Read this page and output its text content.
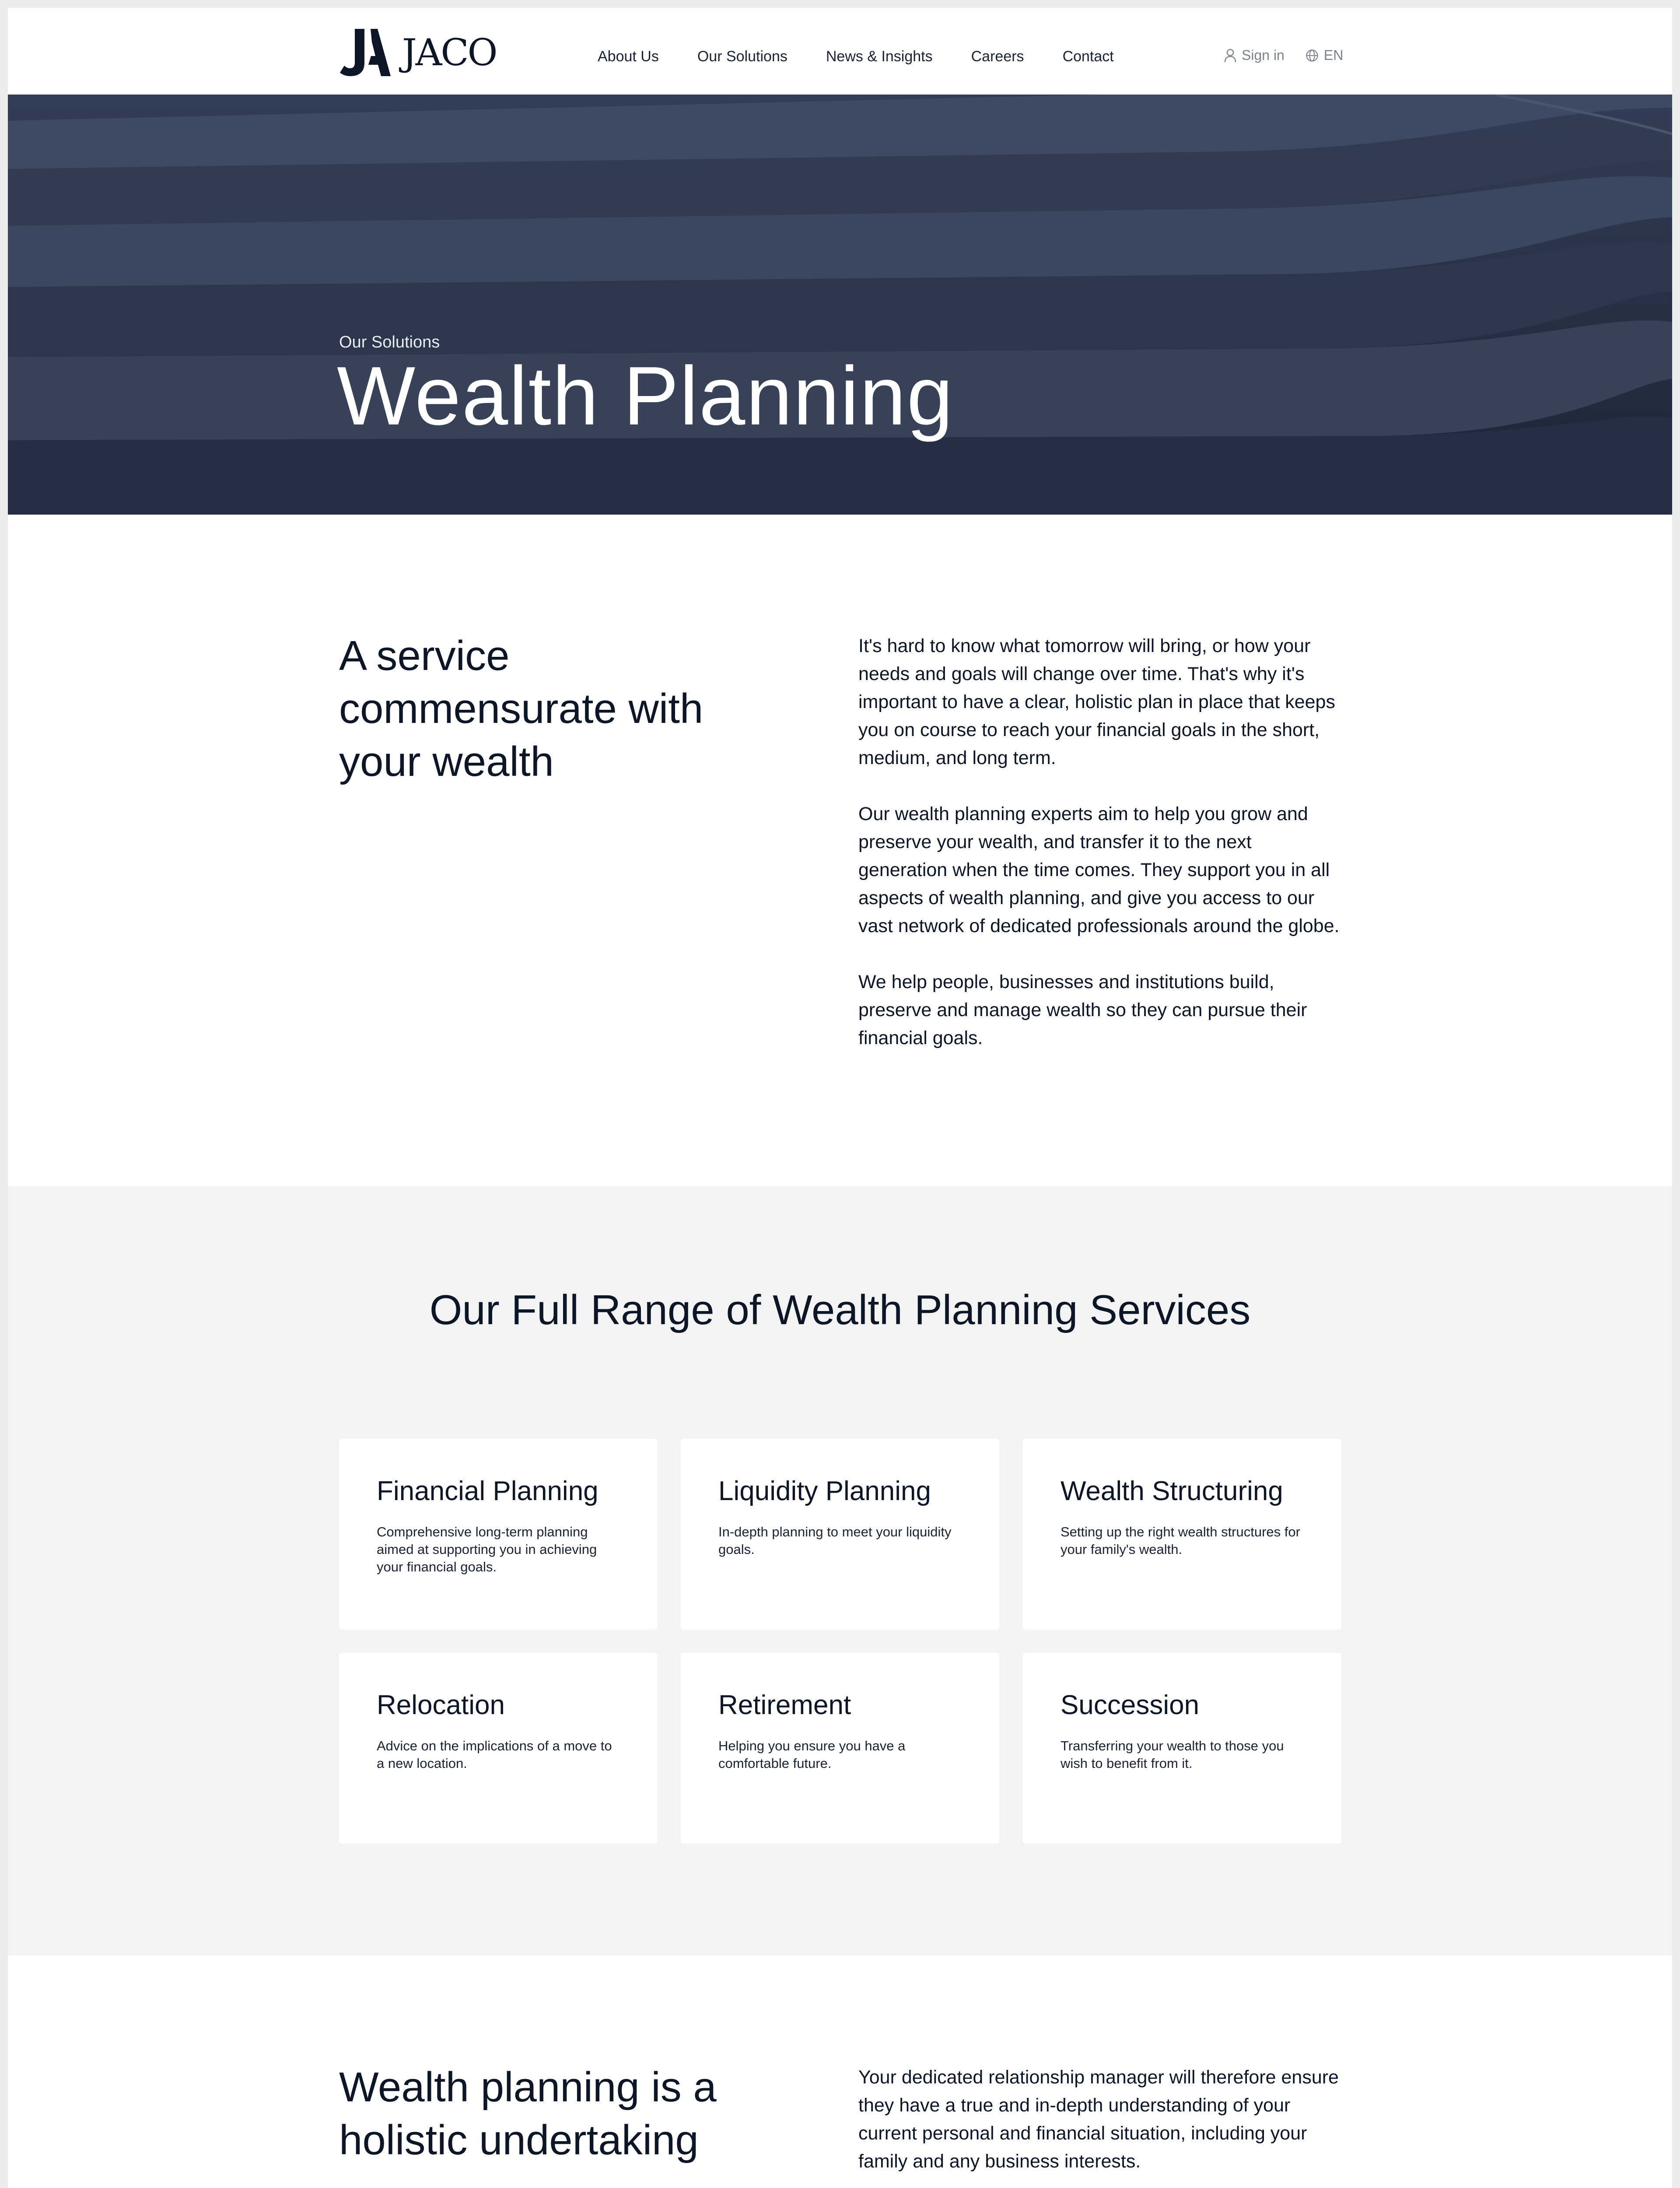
JACO	About Us	Our Solutions	News & Insights	Careers	Contact	Sign in	EN
Our Solutions
Wealth Planning
A service commensurate with your wealth

It's hard to know what tomorrow will bring, or how your needs and goals will change over time. That's why it's important to have a clear, holistic plan in place that keeps you on course to reach your financial goals in the short, medium, and long term.

Our wealth planning experts aim to help you grow and preserve your wealth, and transfer it to the next generation when the time comes. They support you in all aspects of wealth planning, and give you access to our vast network of dedicated professionals around the globe.

We help people, businesses and institutions build, preserve and manage wealth so they can pursue their financial goals.

Our Full Range of Wealth Planning Services
Financial Planning

Comprehensive long-term planning aimed at supporting you in achieving your financial goals.

Liquidity Planning

In-depth planning to meet your liquidity goals.

Wealth Structuring

Setting up the right wealth structures for your family's wealth.

Relocation

Advice on the implications of a move to a new location.

Retirement

Helping you ensure you have a comfortable future.

Succession

Transferring your wealth to those you wish to benefit from it.

Wealth planning is a holistic undertaking

Your dedicated relationship manager will therefore ensure they have a true and in-depth understanding of your current personal and financial situation, including your family and any business interests.
